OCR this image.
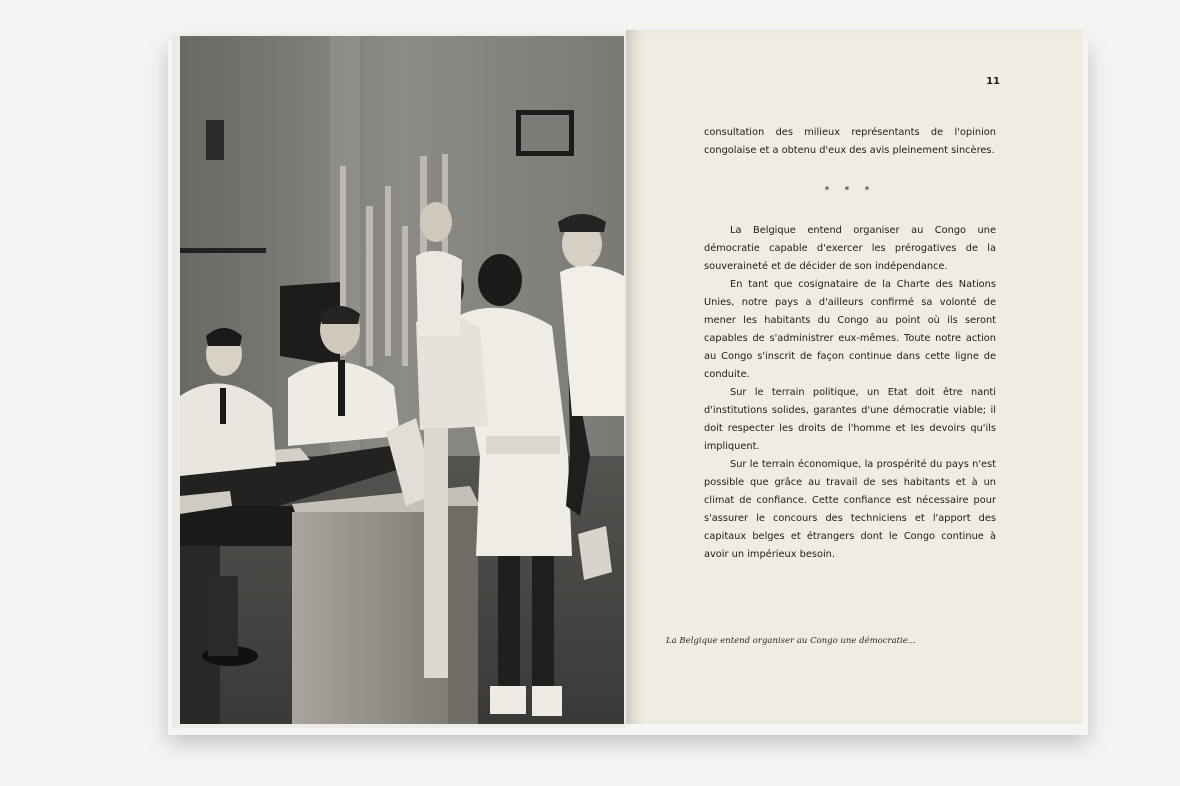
11

consultation des milieux représentants de l'opinion congolaise et a obtenu d'eux des avis pleinement sincères.

* * *

La Belgique entend organiser au Congo une démocratie capable d'exercer les prérogatives de la souveraineté et de décider de son indépendance.

En tant que cosignataire de la Charte des Nations Unies, notre pays a d'ailleurs confirmé sa volonté de mener les habitants du Congo au point où ils seront capables de s'administrer eux-mêmes. Toute notre action au Congo s'inscrit de façon continue dans cette ligne de conduite.

Sur le terrain politique, un Etat doit être nanti d'institutions solides, garantes d'une démocratie viable; il doit respecter les droits de l'homme et les devoirs qu'ils impliquent.

Sur le terrain économique, la prospérité du pays n'est possible que grâce au travail de ses habitants et à un climat de confiance. Cette confiance est nécessaire pour s'assurer le concours des techniciens et l'apport des capitaux belges et étrangers dont le Congo continue à avoir un impérieux besoin.

La Belgique entend organiser au Congo une démocratie...
